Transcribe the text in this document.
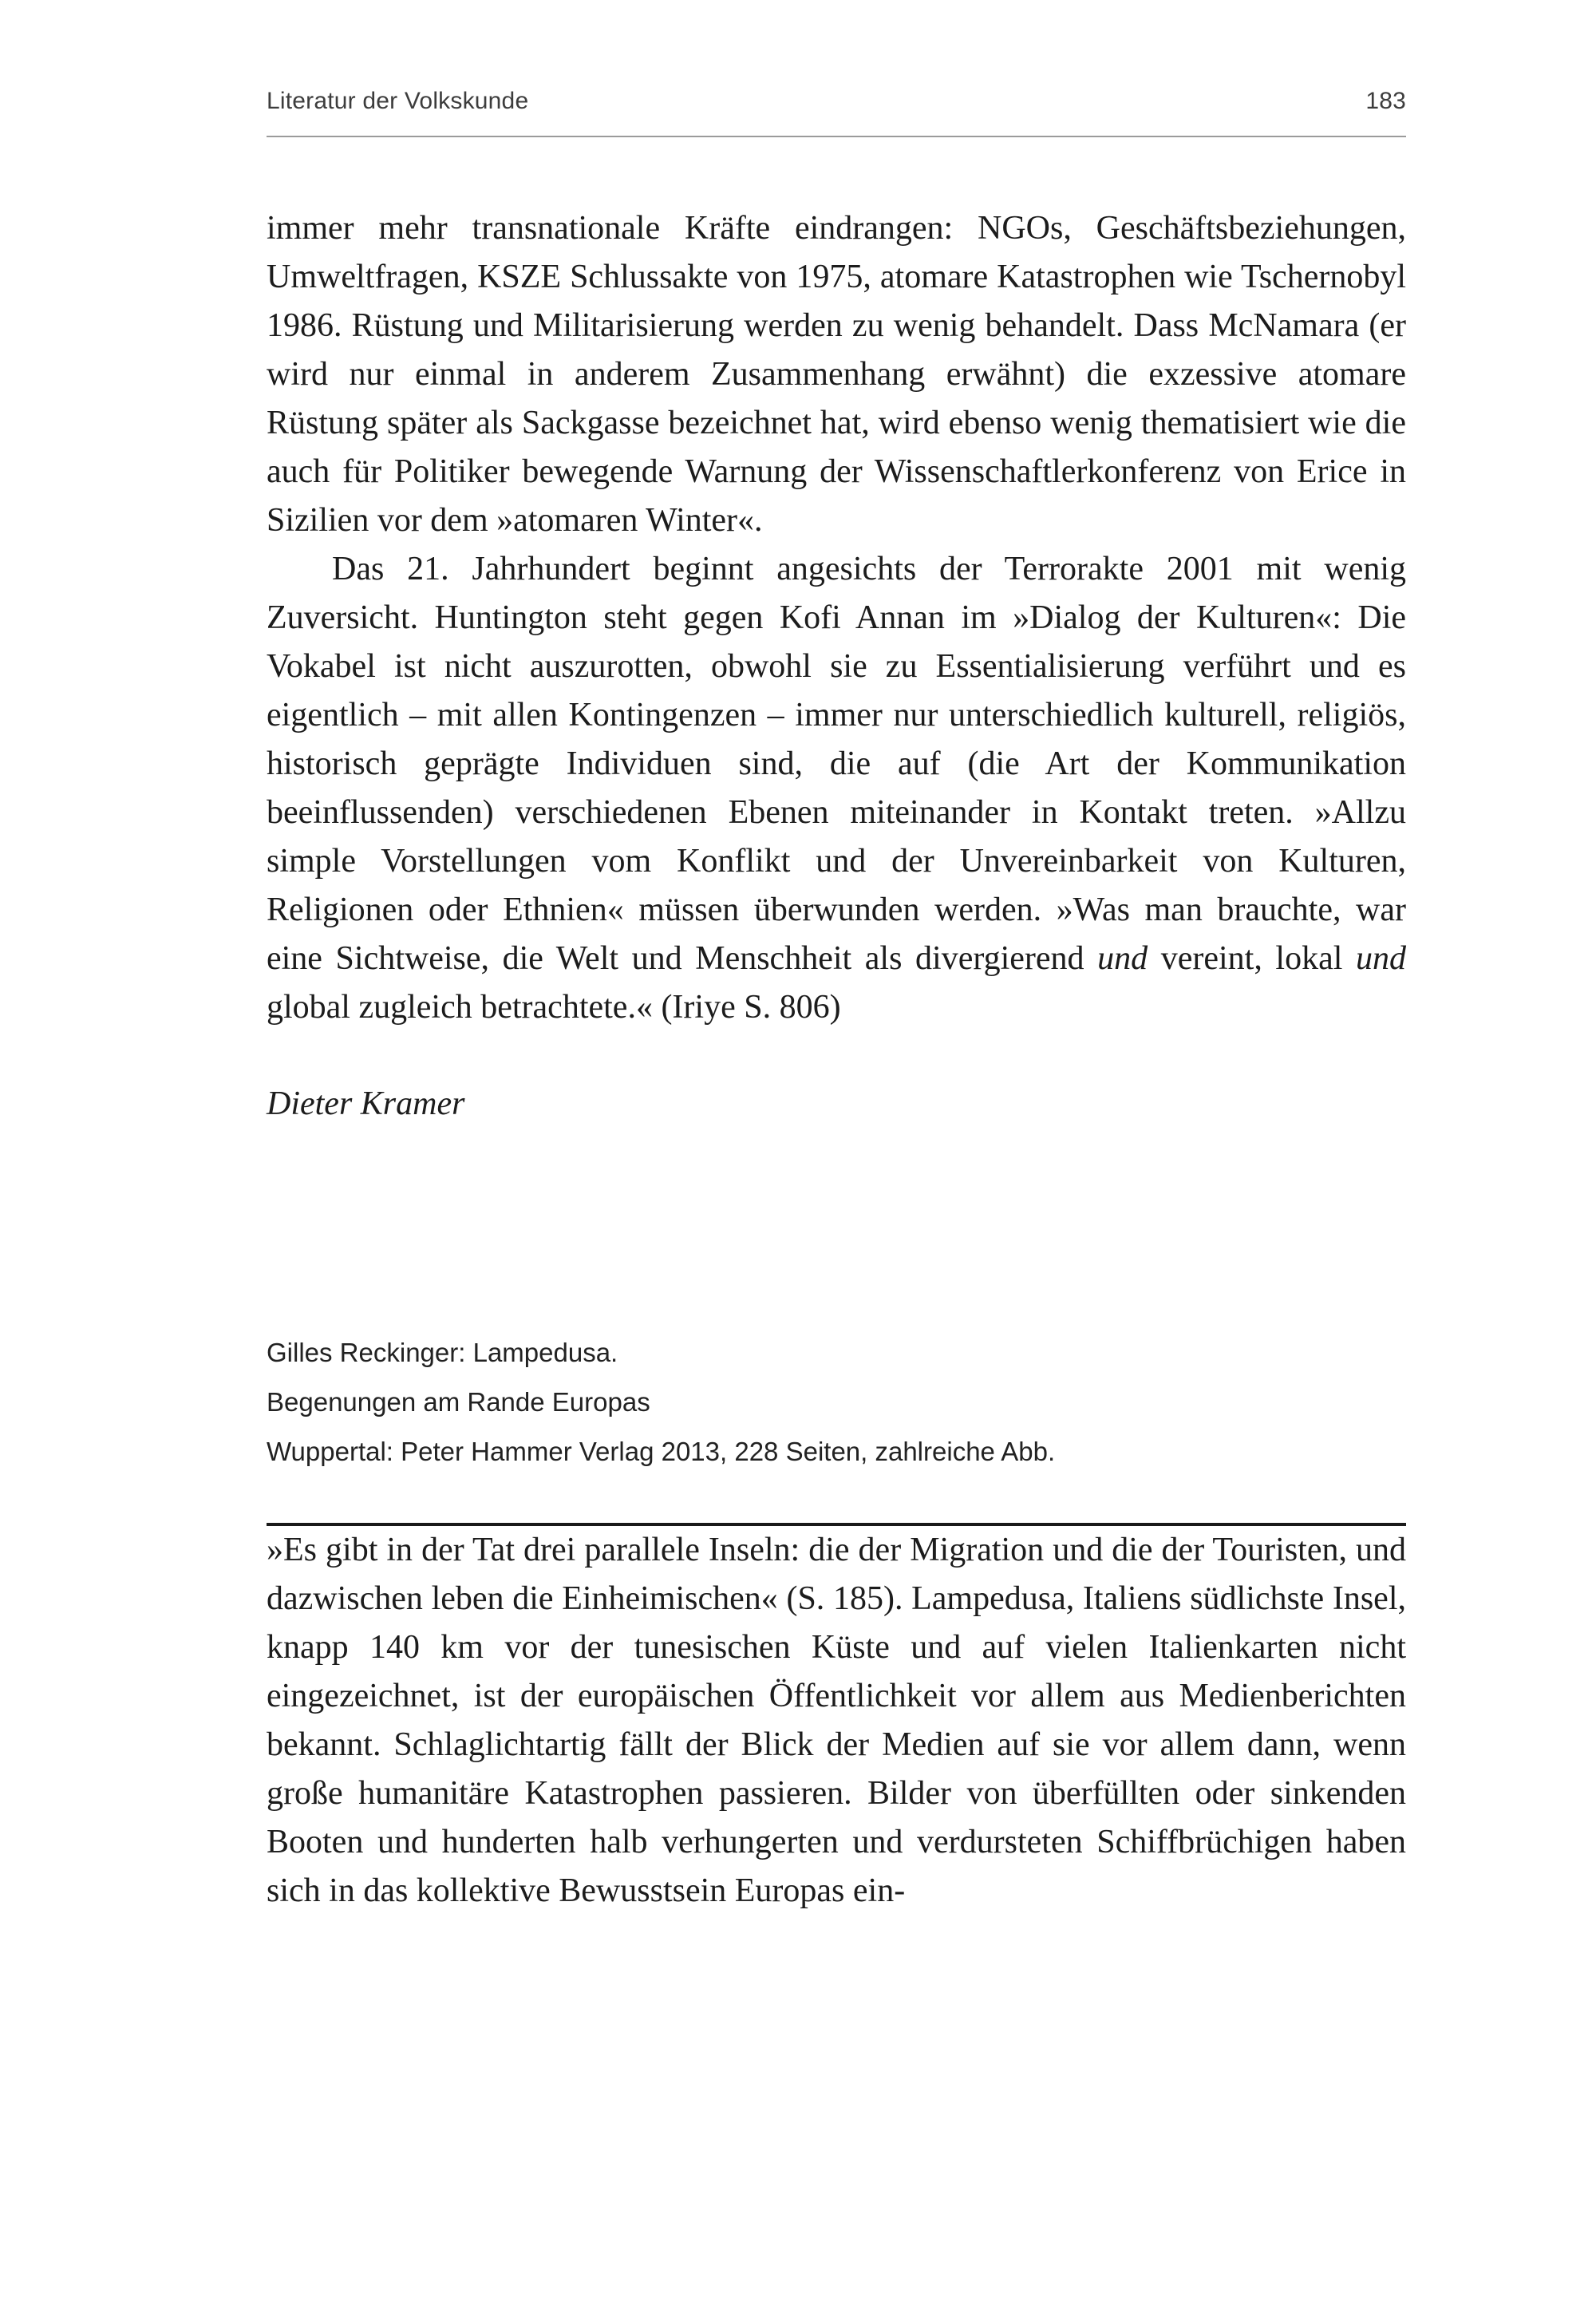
Literatur der Volkskunde	183

immer mehr transnationale Kräfte eindrangen: NGOs, Geschäftsbeziehungen, Umweltfragen, KSZE Schlussakte von 1975, atomare Katastrophen wie Tschernobyl 1986. Rüstung und Militarisierung werden zu wenig behandelt. Dass McNamara (er wird nur einmal in anderem Zusammenhang erwähnt) die exzessive atomare Rüstung später als Sackgasse bezeichnet hat, wird ebenso wenig thematisiert wie die auch für Politiker bewegende Warnung der Wissenschaftlerkonferenz von Erice in Sizilien vor dem »atomaren Winter«.

Das 21. Jahrhundert beginnt angesichts der Terrorakte 2001 mit wenig Zuversicht. Huntington steht gegen Kofi Annan im »Dialog der Kulturen«: Die Vokabel ist nicht auszurotten, obwohl sie zu Essentialisierung verführt und es eigentlich – mit allen Kontingenzen – immer nur unterschiedlich kulturell, religiös, historisch geprägte Individuen sind, die auf (die Art der Kommunikation beeinflussenden) verschiedenen Ebenen miteinander in Kontakt treten. »Allzu simple Vorstellungen vom Konflikt und der Unvereinbarkeit von Kulturen, Religionen oder Ethnien« müssen überwunden werden. »Was man brauchte, war eine Sichtweise, die Welt und Menschheit als divergierend und vereint, lokal und global zugleich betrachtete.« (Iriye S. 806)

Dieter Kramer

Gilles Reckinger: Lampedusa.
Begenungen am Rande Europas
Wuppertal: Peter Hammer Verlag 2013, 228 Seiten, zahlreiche Abb.

»Es gibt in der Tat drei parallele Inseln: die der Migration und die der Touristen, und dazwischen leben die Einheimischen« (S. 185). Lampedusa, Italiens südlichste Insel, knapp 140 km vor der tunesischen Küste und auf vielen Italienkarten nicht eingezeichnet, ist der europäischen Öffentlichkeit vor allem aus Medienberichten bekannt. Schlaglichtartig fällt der Blick der Medien auf sie vor allem dann, wenn große humanitäre Katastrophen passieren. Bilder von überfüllten oder sinkenden Booten und hunderten halb verhungerten und verdursteten Schiffbrüchigen haben sich in das kollektive Bewusstsein Europas ein-
